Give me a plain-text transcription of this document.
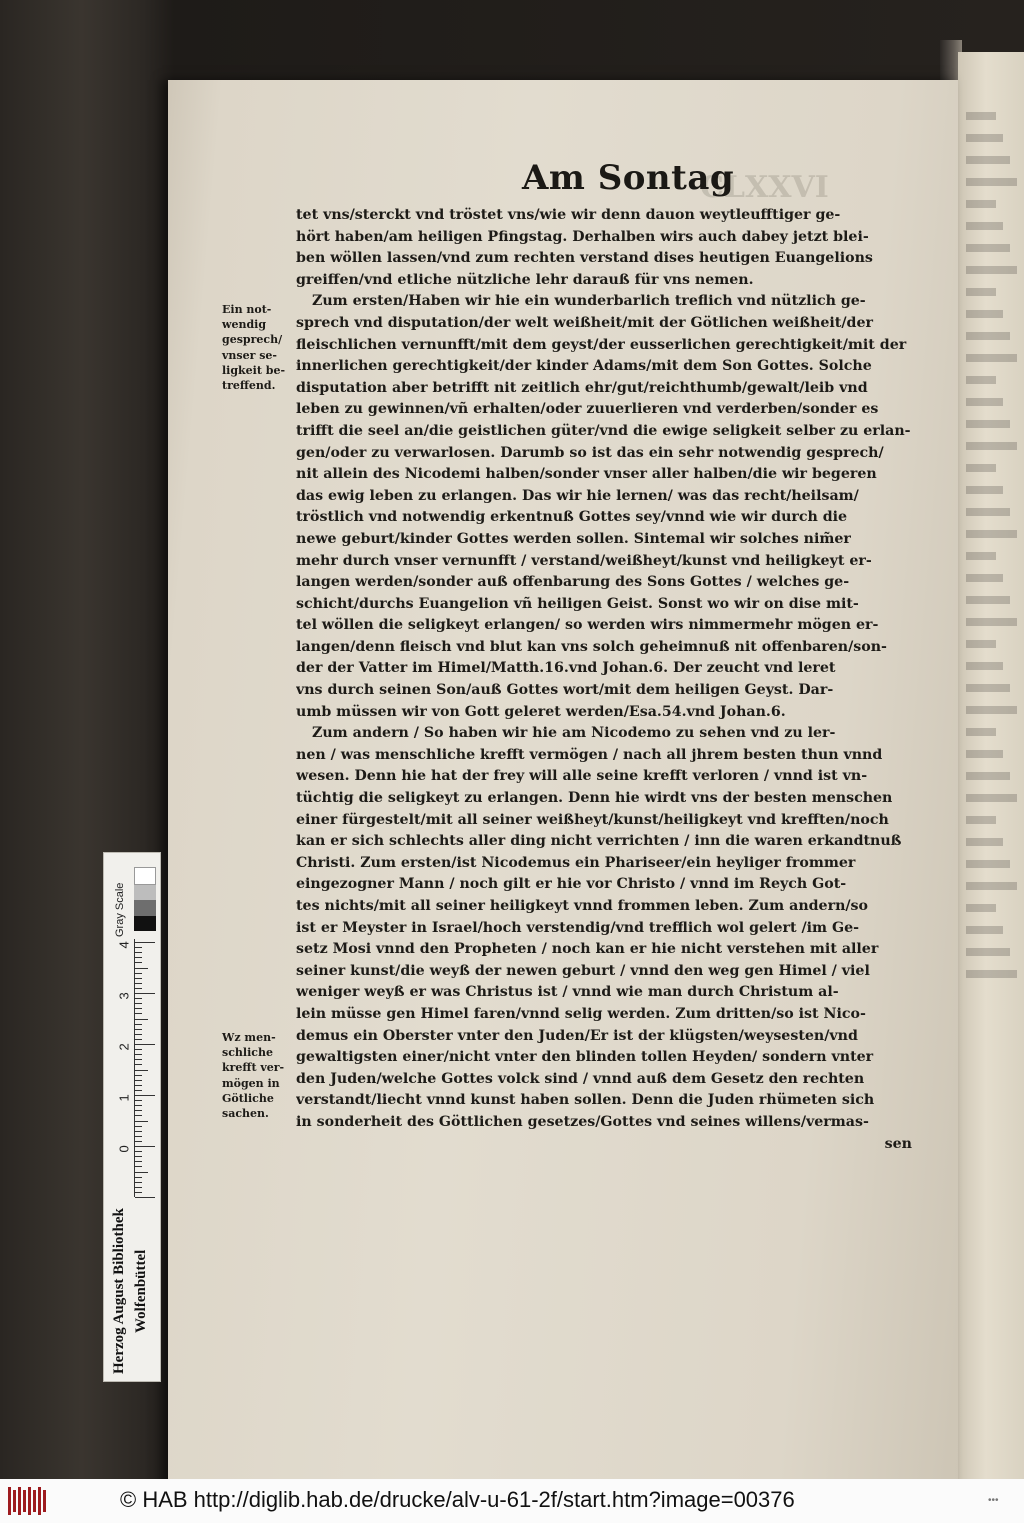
CLXXVI
Am Sontag
Ein not-
wendig
gesprech/
vnser se-
ligkeit be-
treffend.
Wz men-
schliche
krefft ver-
mögen in
Götliche
sachen.
tet vns/sterckt vnd tröstet vns/wie wir denn dauon weytleufftiger ge-
hört haben/am heiligen Pfingstag. Derhalben wirs auch dabey jetzt blei-
ben wöllen lassen/vnd zum rechten verstand dises heutigen Euangelions
greiffen/vnd etliche nützliche lehr darauß für vns nemen.
Zum ersten/Haben wir hie ein wunderbarlich treflich vnd nützlich ge-
sprech vnd disputation/der welt weißheit/mit der Götlichen weißheit/der
fleischlichen vernunfft/mit dem geyst/der eusserlichen gerechtigkeit/mit der
innerlichen gerechtigkeit/der kinder Adams/mit dem Son Gottes. Solche
disputation aber betrifft nit zeitlich ehr/gut/reichthumb/gewalt/leib vnd
leben zu gewinnen/vñ erhalten/oder zuuerlieren vnd verderben/sonder es
trifft die seel an/die geistlichen güter/vnd die ewige seligkeit selber zu erlan-
gen/oder zu verwarlosen. Darumb so ist das ein sehr notwendig gesprech/
nit allein des Nicodemi halben/sonder vnser aller halben/die wir begeren
das ewig leben zu erlangen. Das wir hie lernen/ was das recht/heilsam/
tröstlich vnd notwendig erkentnuß Gottes sey/vnnd wie wir durch die
newe geburt/kinder Gottes werden sollen. Sintemal wir solches nim̃er
mehr durch vnser vernunfft / verstand/weißheyt/kunst vnd heiligkeyt er-
langen werden/sonder auß offenbarung des Sons Gottes / welches ge-
schicht/durchs Euangelion vñ heiligen Geist. Sonst wo wir on dise mit-
tel wöllen die seligkeyt erlangen/ so werden wirs nimmermehr mögen er-
langen/denn fleisch vnd blut kan vns solch geheimnuß nit offenbaren/son-
der der Vatter im Himel/Matth.16.vnd Johan.6. Der zeucht vnd leret
vns durch seinen Son/auß Gottes wort/mit dem heiligen Geyst. Dar-
umb müssen wir von Gott geleret werden/Esa.54.vnd Johan.6.
Zum andern / So haben wir hie am Nicodemo zu sehen vnd zu ler-
nen / was menschliche krefft vermögen / nach all jhrem besten thun vnnd
wesen. Denn hie hat der frey will alle seine krefft verloren / vnnd ist vn-
tüchtig die seligkeyt zu erlangen. Denn hie wirdt vns der besten menschen
einer fürgestelt/mit all seiner weißheyt/kunst/heiligkeyt vnd krefften/noch
kan er sich schlechts aller ding nicht verrichten / inn die waren erkandtnuß
Christi. Zum ersten/ist Nicodemus ein Phariseer/ein heyliger frommer
eingezogner Mann / noch gilt er hie vor Christo / vnnd im Reych Got-
tes nichts/mit all seiner heiligkeyt vnnd frommen leben. Zum andern/so
ist er Meyster in Israel/hoch verstendig/vnd trefflich wol gelert /im Ge-
setz Mosi vnnd den Propheten / noch kan er hie nicht verstehen mit aller
seiner kunst/die weyß der newen geburt / vnnd den weg gen Himel / viel
weniger weyß er was Christus ist / vnnd wie man durch Christum al-
lein müsse gen Himel faren/vnnd selig werden. Zum dritten/so ist Nico-
demus ein Oberster vnter den Juden/Er ist der klügsten/weysesten/vnd
gewaltigsten einer/nicht vnter den blinden tollen Heyden/ sondern vnter
den Juden/welche Gottes volck sind / vnnd auß dem Gesetz den rechten
verstandt/liecht vnnd kunst haben sollen. Denn die Juden rhümeten sich
in sonderheit des Göttlichen gesetzes/Gottes vnd seines willens/vermas-
sen
Gray Scale
0
1
2
3
4
Herzog August Bibliothek Wolfenbüttel
© HAB http://diglib.hab.de/drucke/alv-u-61-2f/start.htm?image=00376	•••
